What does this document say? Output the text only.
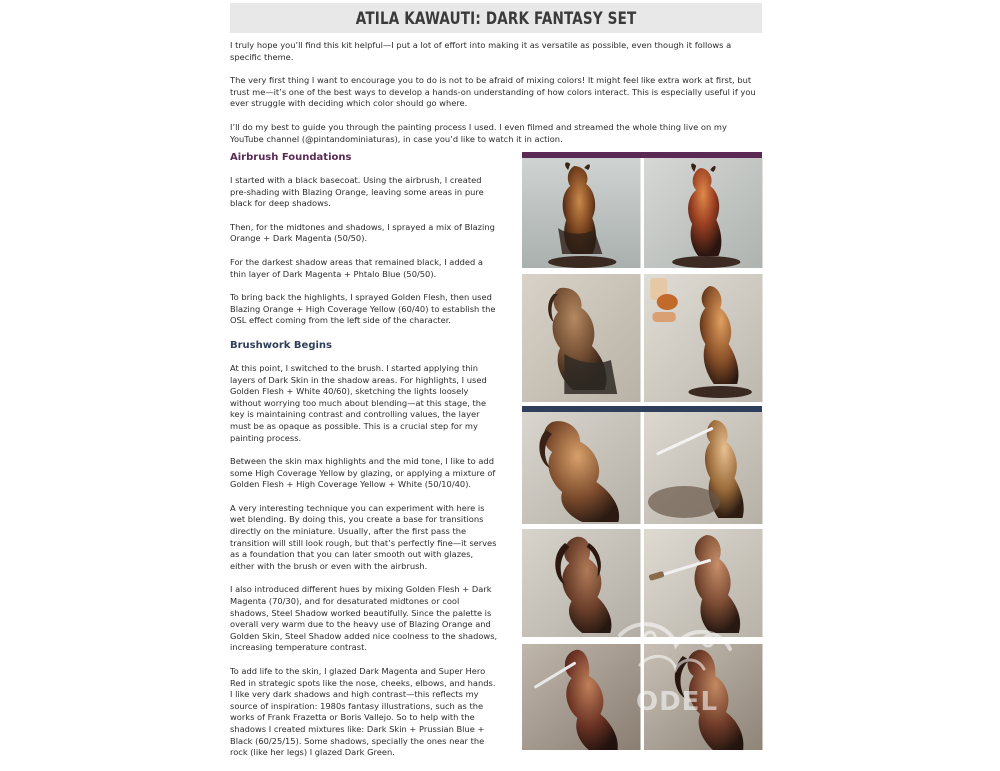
ATILA KAWAUTI: DARK FANTASY SET

I truly hope you’ll find this kit helpful—I put a lot of effort into making it as versatile as possible, even though it follows a specific theme.

The very first thing I want to encourage you to do is not to be afraid of mixing colors! It might feel like extra work at first, but trust me—it’s one of the best ways to develop a hands-on understanding of how colors interact. This is especially useful if you ever struggle with deciding which color should go where.

I’ll do my best to guide you through the painting process I used. I even filmed and streamed the whole thing live on my YouTube channel (@pintandominiaturas), in case you’d like to watch it in action.

Airbrush Foundations

I started with a black basecoat. Using the airbrush, I created pre-shading with Blazing Orange, leaving some areas in pure black for deep shadows.

Then, for the midtones and shadows, I sprayed a mix of Blazing Orange + Dark Magenta (50/50).

For the darkest shadow areas that remained black, I added a thin layer of Dark Magenta + Phtalo Blue (50/50).

To bring back the highlights, I sprayed Golden Flesh, then used Blazing Orange + High Coverage Yellow (60/40) to establish the OSL effect coming from the left side of the character.

Brushwork Begins

At this point, I switched to the brush. I started applying thin layers of Dark Skin in the shadow areas. For highlights, I used Golden Flesh + White 40/60), sketching the lights loosely without worrying too much about blending—at this stage, the key is maintaining contrast and controlling values, the layer must be as opaque as possible. This is a crucial step for my painting process.

Between the skin max highlights and the mid tone, I like to add some High Coverage Yellow by glazing, or applying a mixture of Golden Flesh + High Coverage Yellow + White (50/10/40).

A very interesting technique you can experiment with here is wet blending. By doing this, you create a base for transitions directly on the miniature. Usually, after the first pass the transition will still look rough, but that’s perfectly fine—it serves as a foundation that you can later smooth out with glazes, either with the brush or even with the airbrush.

I also introduced different hues by mixing Golden Flesh + Dark Magenta (70/30), and for desaturated midtones or cool shadows, Steel Shadow worked beautifully. Since the palette is overall very warm due to the heavy use of Blazing Orange and Golden Skin, Steel Shadow added nice coolness to the shadows, increasing temperature contrast.

To add life to the skin, I glazed Dark Magenta and Super Hero Red in strategic spots like the nose, cheeks, elbows, and hands. I like very dark shadows and high contrast—this reflects my source of inspiration: 1980s fantasy illustrations, such as the works of Frank Frazetta or Boris Vallejo. So to help with the shadows I created mixtures like: Dark Skin + Prussian Blue + Black (60/25/15). Some shadows, specially the ones near the rock (like her legs) I glazed Dark Green.

ODEL
